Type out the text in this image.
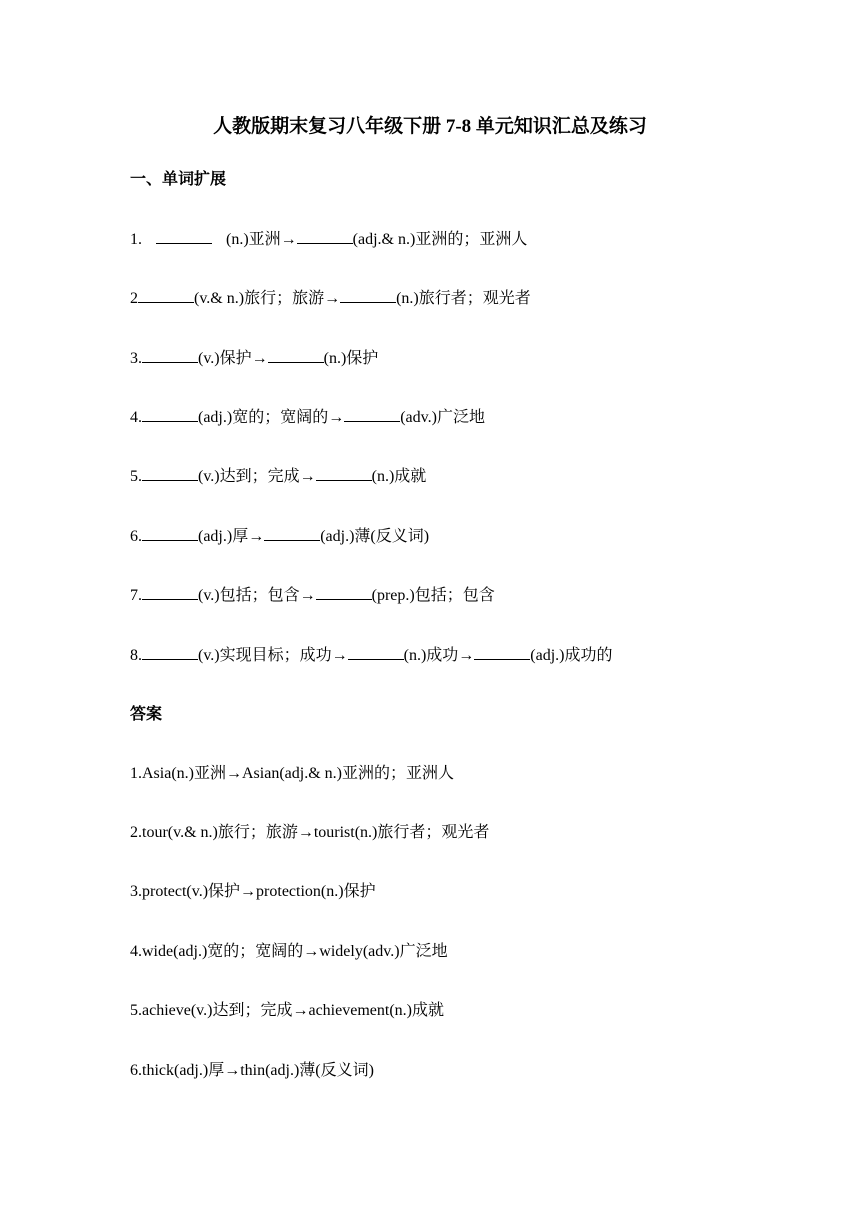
人教版期末复习八年级下册 7-8 单元知识汇总及练习
一、单词扩展
1.	(n.)亚洲→	(adj.& n.)亚洲的；亚洲人
2	(v.& n.)旅行；旅游→	(n.)旅行者；观光者
3.	(v.)保护→	(n.)保护
4.	(adj.)宽的；宽阔的→	(adv.)广泛地
5.	(v.)达到；完成→	(n.)成就
6.	(adj.)厚→	(adj.)薄(反义词)
7.	(v.)包括；包含→	(prep.)包括；包含
8.	(v.)实现目标；成功→	(n.)成功→	(adj.)成功的
答案
1.Asia(n.)亚洲→Asian(adj.& n.)亚洲的；亚洲人
2.tour(v.& n.)旅行；旅游→tourist(n.)旅行者；观光者
3.protect(v.)保护→protection(n.)保护
4.wide(adj.)宽的；宽阔的→widely(adv.)广泛地
5.achieve(v.)达到；完成→achievement(n.)成就
6.thick(adj.)厚→thin(adj.)薄(反义词)
